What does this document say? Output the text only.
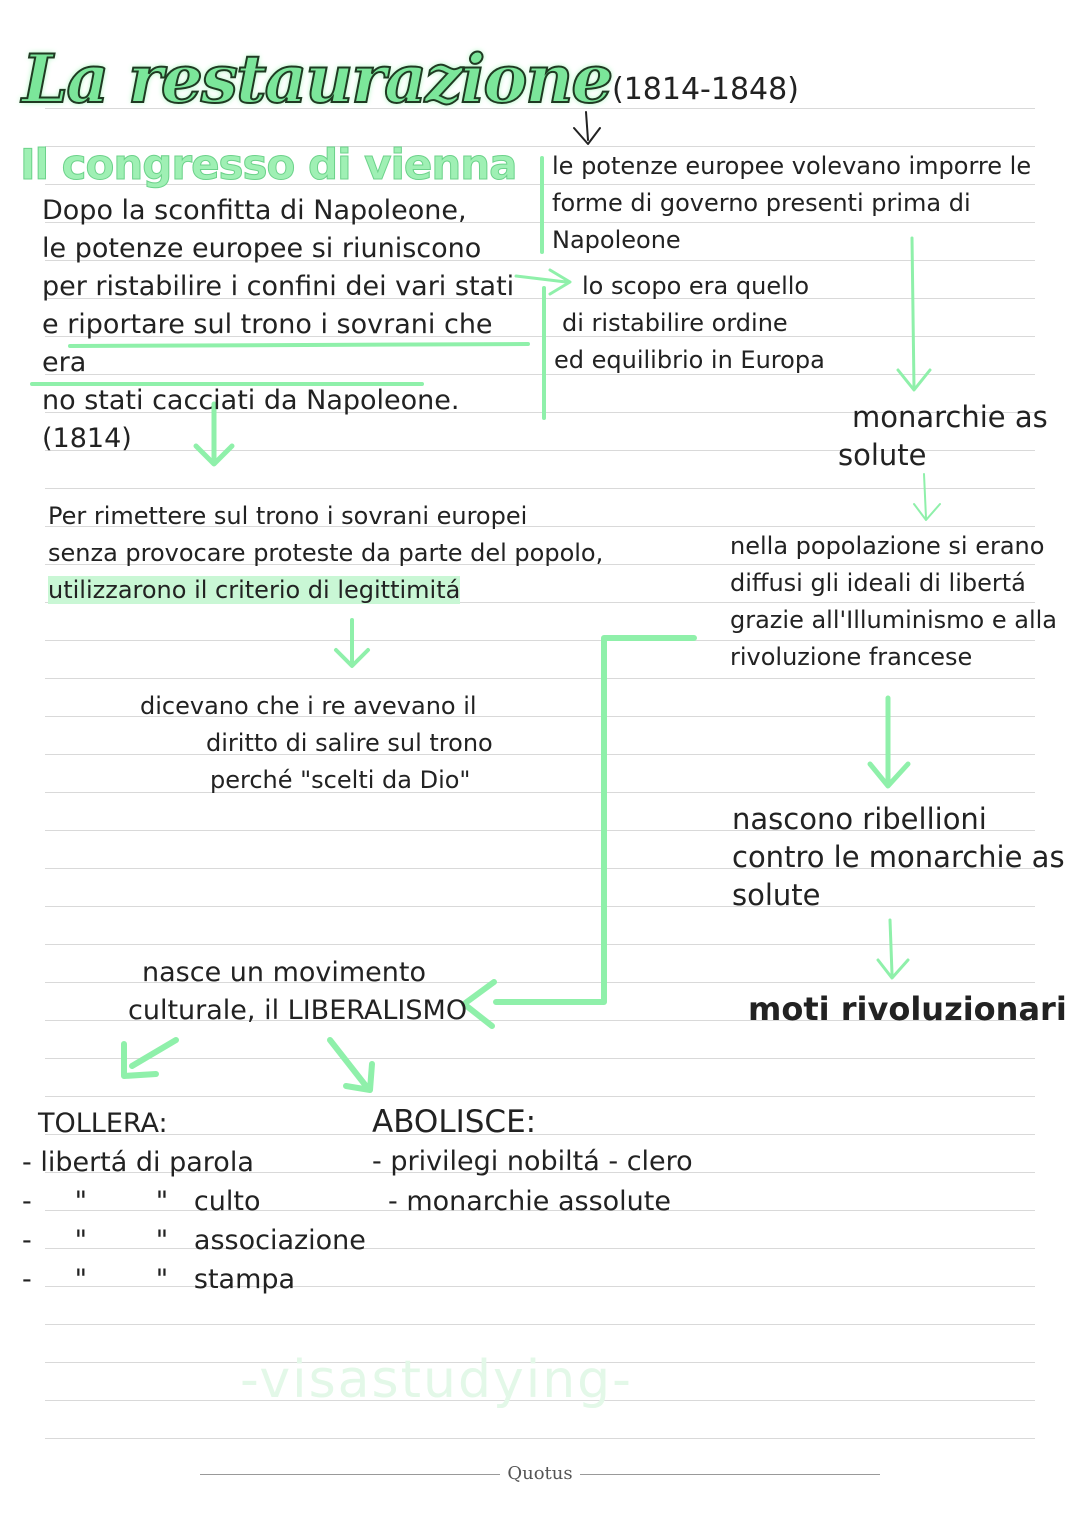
La restaurazione (1814-1848)
Il congresso di vienna
Dopo la sconfitta di Napoleone,
le potenze europee si riuniscono
per ristabilire i confini dei vari stati
e riportare sul trono i sovrani che era
no stati cacciati da Napoleone. (1814)
le potenze europee volevano imporre le
forme di governo presenti prima di Napoleone
lo scopo era quello
di ristabilire ordine
ed equilibrio in Europa
monarchie as
solute
Per rimettere sul trono i sovrani europei
senza provocare proteste da parte del popolo,
utilizzarono il criterio di legittimitá
nella popolazione si erano
diffusi gli ideali di libertá
grazie all'Illuminismo e alla
rivoluzione francese
dicevano che i re avevano il
diritto di salire sul trono
perché "scelti da Dio"
nascono ribellioni
contro le monarchie as
solute
moti rivoluzionari
nasce un movimento
culturale, il LIBERALISMO
TOLLERA:
- libertá di parola
-     "        "   culto
-     "        "   associazione
-     "        "   stampa
ABOLISCE:
- privilegi nobiltá - clero
- monarchie assolute
-visastudying-
Quotus
